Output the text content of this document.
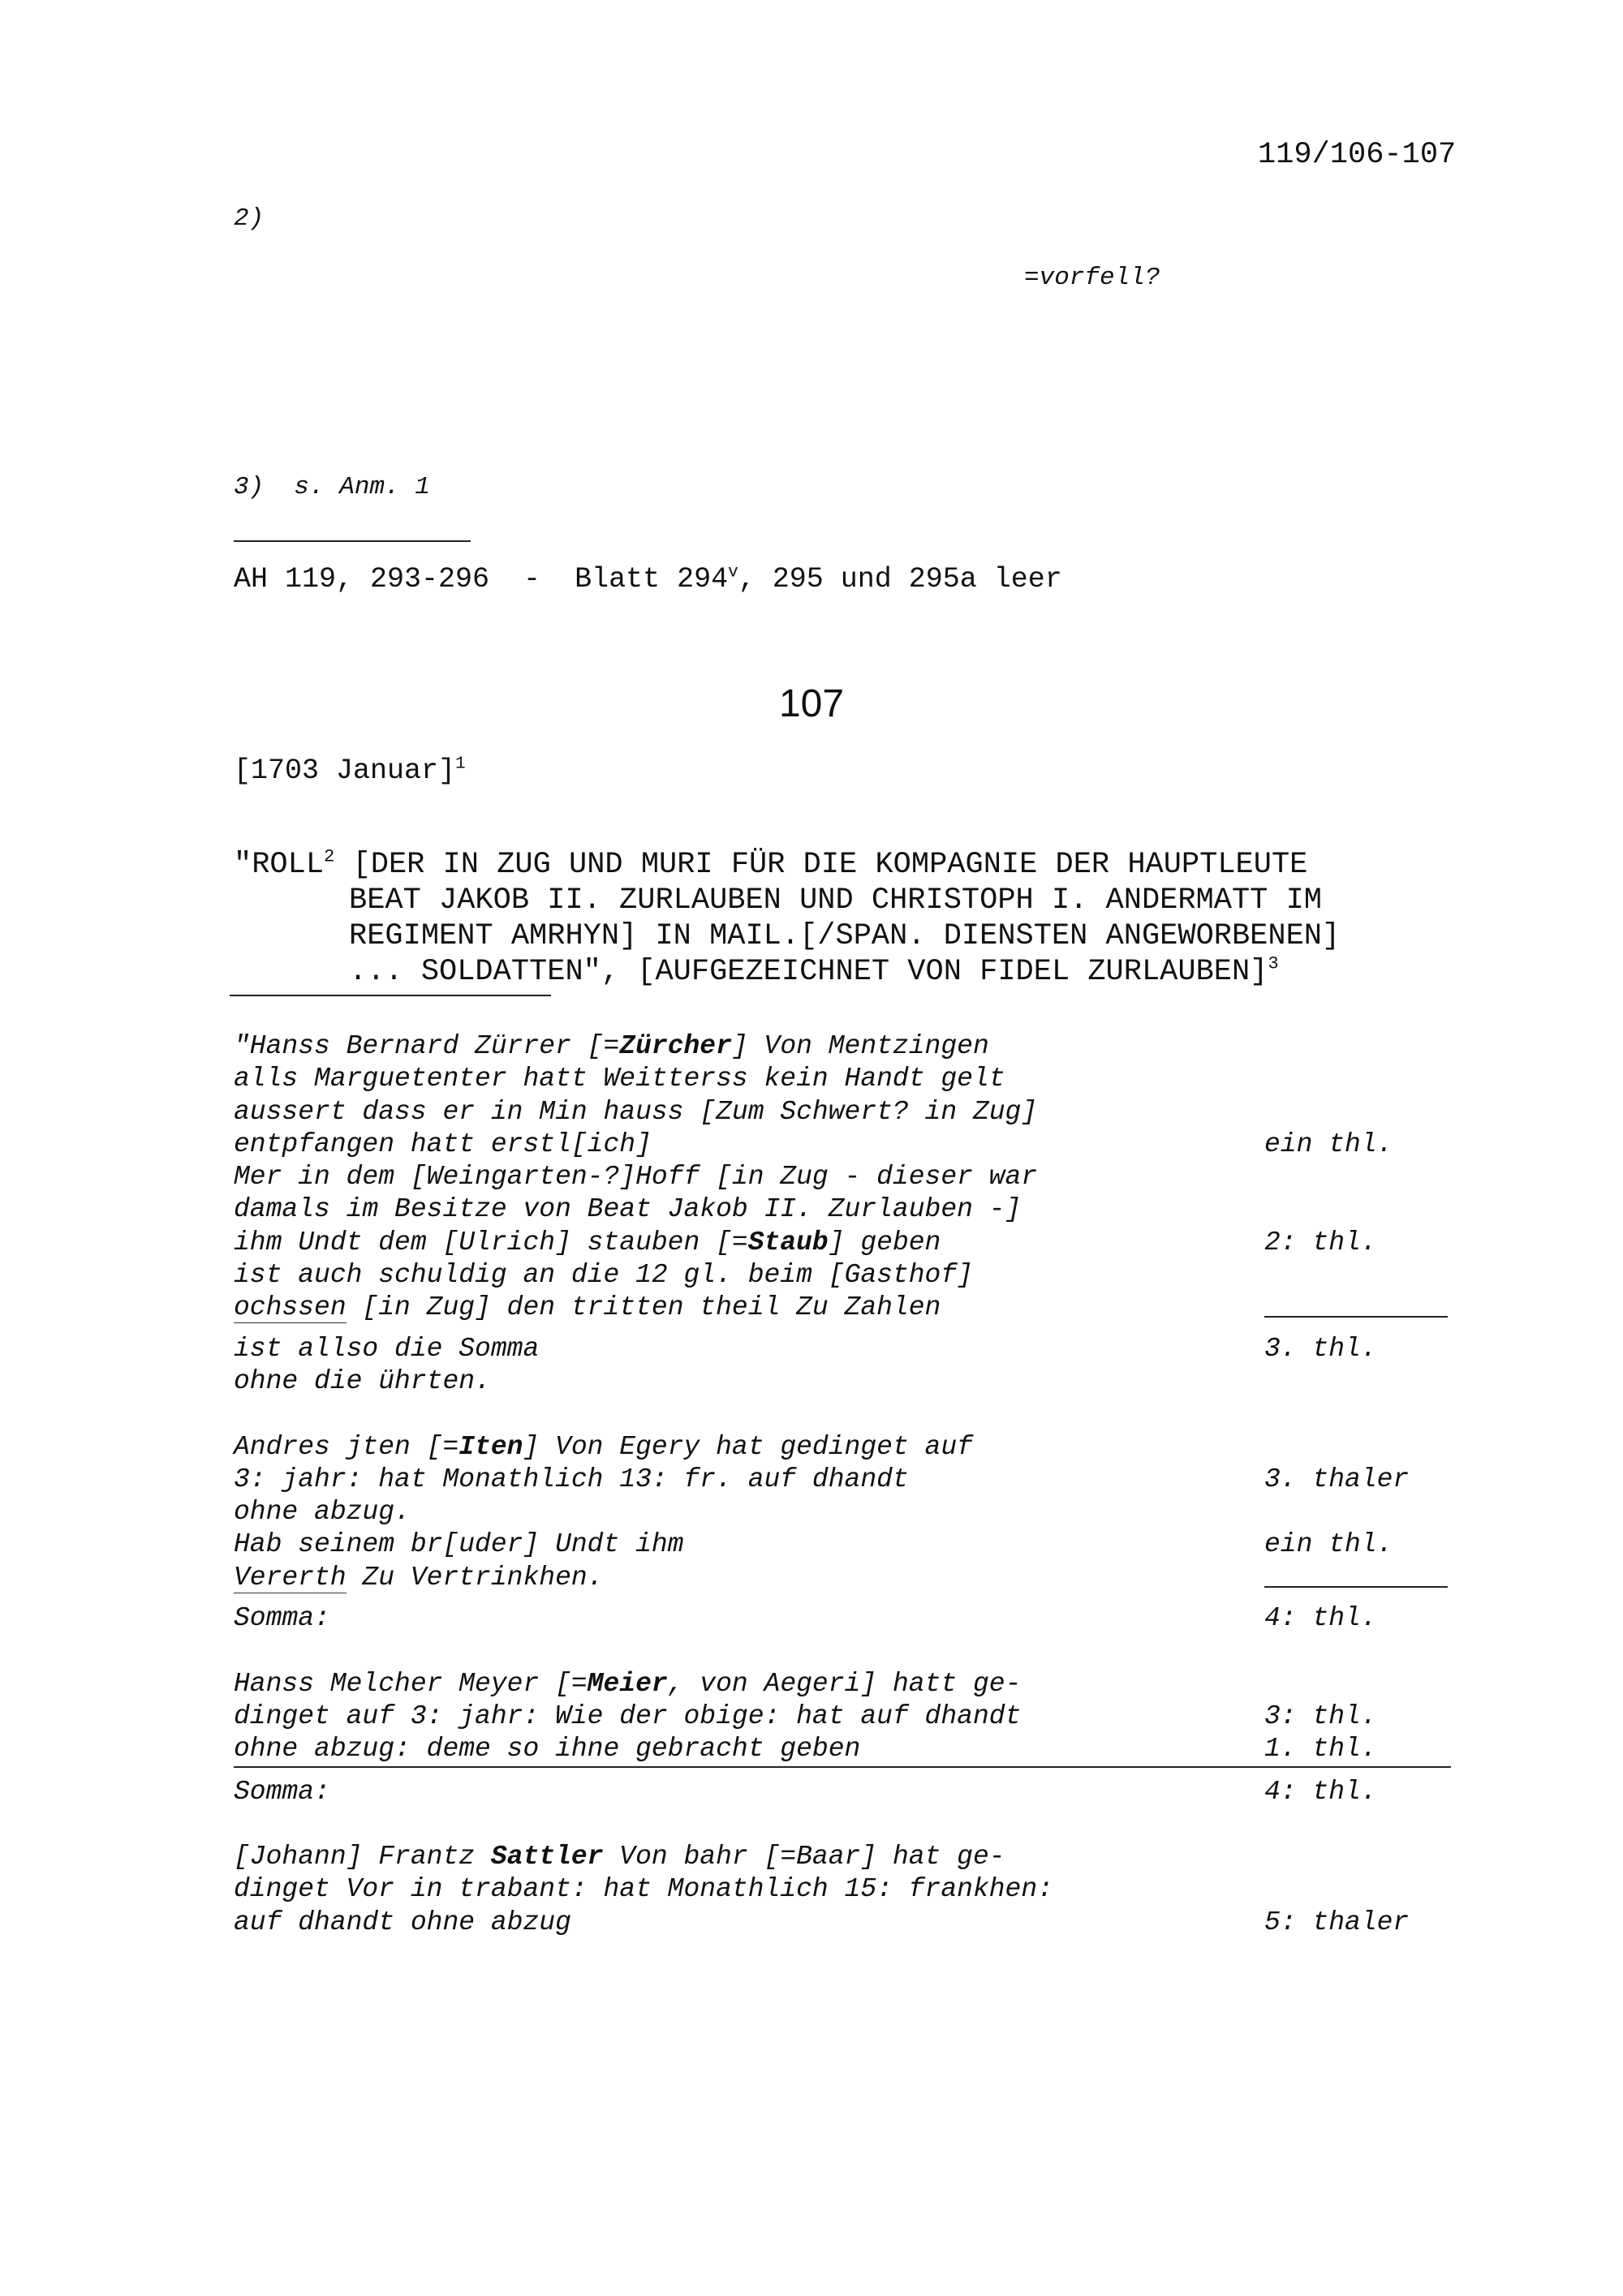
119/106-107
2)
=vorfell?
3)  s. Anm. 1
AH 119, 293-296  -  Blatt 294$^v$, 295 und 295a leer
107
[1703 Januar]$^1$

"ROLL$^2$ [DER IN ZUG UND MURI FÜR DIE KOMPAGNIE DER HAUPTLEUTE
BEAT JAKOB II. ZURLAUBEN UND CHRISTOPH I. ANDERMATT IM
REGIMENT AMRHYN] IN MAIL.[/SPAN. DIENSTEN ANGEWORBENEN]
... SOLDATTEN", [AUFGEZEICHNET VON FIDEL ZURLAUBEN]$^3$

"Hanss Bernard Zürrer [=Zürcher] Von Mentzingen
alls Marguetenter hatt Weitterss kein Handt gelt
aussert dass er in Min hauss [Zum Schwert? in Zug]
entpfangen hatt erstl[ich]	ein thl.
Mer in dem [Weingarten-?]Hoff [in Zug - dieser war
damals im Besitze von Beat Jakob II. Zurlauben -]
ihm Undt dem [Ulrich] stauben [=Staub] geben	2: thl.
ist auch schuldig an die 12 gl. beim [Gasthof]
ochssen [in Zug] den tritten theil Zu Zahlen
ist allso die Somma	3. thl.
ohne die ührten.
Andres jten [=Iten] Von Egery hat gedinget auf
3: jahr: hat Monathlich 13: fr. auf dhandt	3. thaler
ohne abzug.
Hab seinem br[uder] Undt ihm	ein thl.
Vererth Zu Vertrinkhen.
Somma:	4: thl.
Hanss Melcher Meyer [=Meier, von Aegeri] hatt ge-
dinget auf 3: jahr: Wie der obige: hat auf dhandt	3: thl.
ohne abzug: deme so ihne gebracht geben	1. thl.
Somma:	4: thl.
[Johann] Frantz Sattler Von bahr [=Baar] hat ge-
dinget Vor in trabant: hat Monathlich 15: frankhen:
auf dhandt ohne abzug	5: thaler
